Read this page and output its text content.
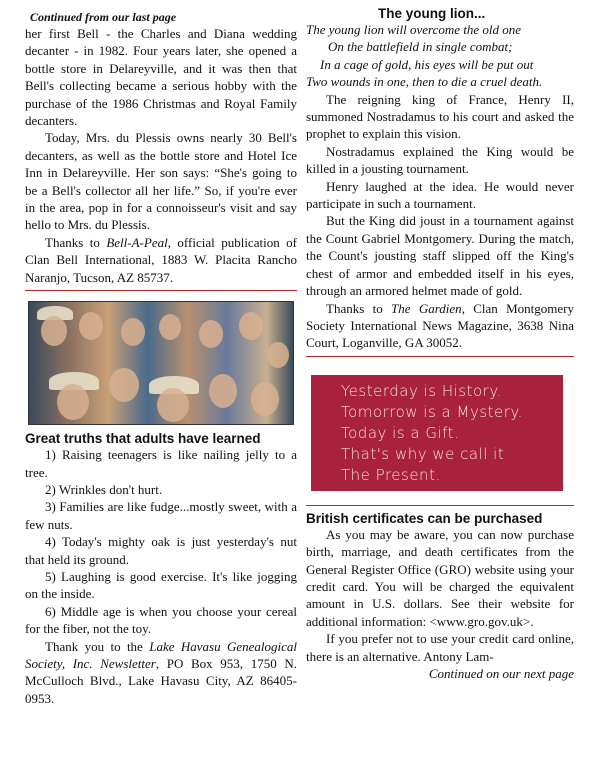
Continued from our last page

her first Bell - the Charles and Diana wedding decanter - in 1982. Four years later, she opened a bottle store in Delareyville, and it was then that Bell's collecting became a serious hobby with the purchase of the 1986 Christmas and Royal Family decanters.

Today, Mrs. du Plessis owns nearly 30 Bell's decanters, as well as the bottle store and Hotel Ice Inn in Delareyville. Her son says: “She's going to be a Bell's collector all her life.” So, if you're ever in the area, pop in for a connoisseur's visit and say hello to Mrs. du Plessis.

Thanks to Bell-A-Peal, official publication of Clan Bell International, 1883 W. Placita Rancho Naranjo, Tucson, AZ 85737.

Great truths that adults have learned

1) Raising teenagers is like nailing jelly to a tree.

2) Wrinkles don't hurt.

3) Families are like fudge...mostly sweet, with a few nuts.

4) Today's mighty oak is just yesterday's nut that held its ground.

5) Laughing is good exercise. It's like jogging on the inside.

6) Middle age is when you choose your cereal for the fiber, not the toy.

Thank you to the Lake Havasu Genealogical Society, Inc. Newsletter, PO Box 953, 1750 N. McCulloch Blvd., Lake Havasu City, AZ 86405-0953.

The young lion...

The young lion will overcome the old one

On the battlefield in single combat;

In a cage of gold, his eyes will be put out

Two wounds in one, then to die a cruel death.

The reigning king of France, Henry II, summoned Nostradamus to his court and asked the prophet to explain this vision.

Nostradamus explained the King would be killed in a jousting tournament.

Henry laughed at the idea. He would never participate in such a tournament.

But the King did joust in a tournament against the Count Gabriel Montgomery. During the match, the Count's jousting staff slipped off the King's chest of armor and embedded itself in his eyes, through an armored helmet made of gold.

Thanks to The Gardien, Clan Montgomery Society International News Magazine, 3638 Nina Court, Loganville, GA 30052.

Yesterday is History.
Tomorrow is a Mystery.
Today is a Gift.
That's why we call it
The Present.

British certificates can be purchased

As you may be aware, you can now purchase birth, marriage, and death certificates from the General Register Office (GRO) website using your credit card. You will be charged the equivalent amount in U.S. dollars. See their website for additional information: <www.gro.gov.uk>.

If you prefer not to use your credit card online, there is an alternative. Antony Lam-

Continued on our next page
